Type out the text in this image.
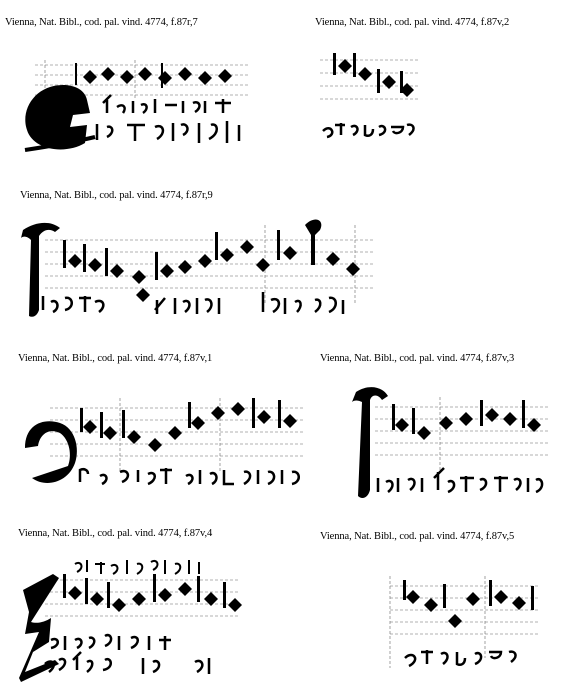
Vienna, Nat. Bibl., cod. pal. vind. 4774, f.87r,7	Vienna, Nat. Bibl., cod. pal. vind. 4774, f.87v,2
Vienna, Nat. Bibl., cod. pal. vind. 4774, f.87r,9
Vienna, Nat. Bibl., cod. pal. vind. 4774, f.87v,1	Vienna, Nat. Bibl., cod. pal. vind. 4774, f.87v,3
Vienna, Nat. Bibl., cod. pal. vind. 4774, f.87v,4	Vienna, Nat. Bibl., cod. pal. vind. 4774, f.87v,5
